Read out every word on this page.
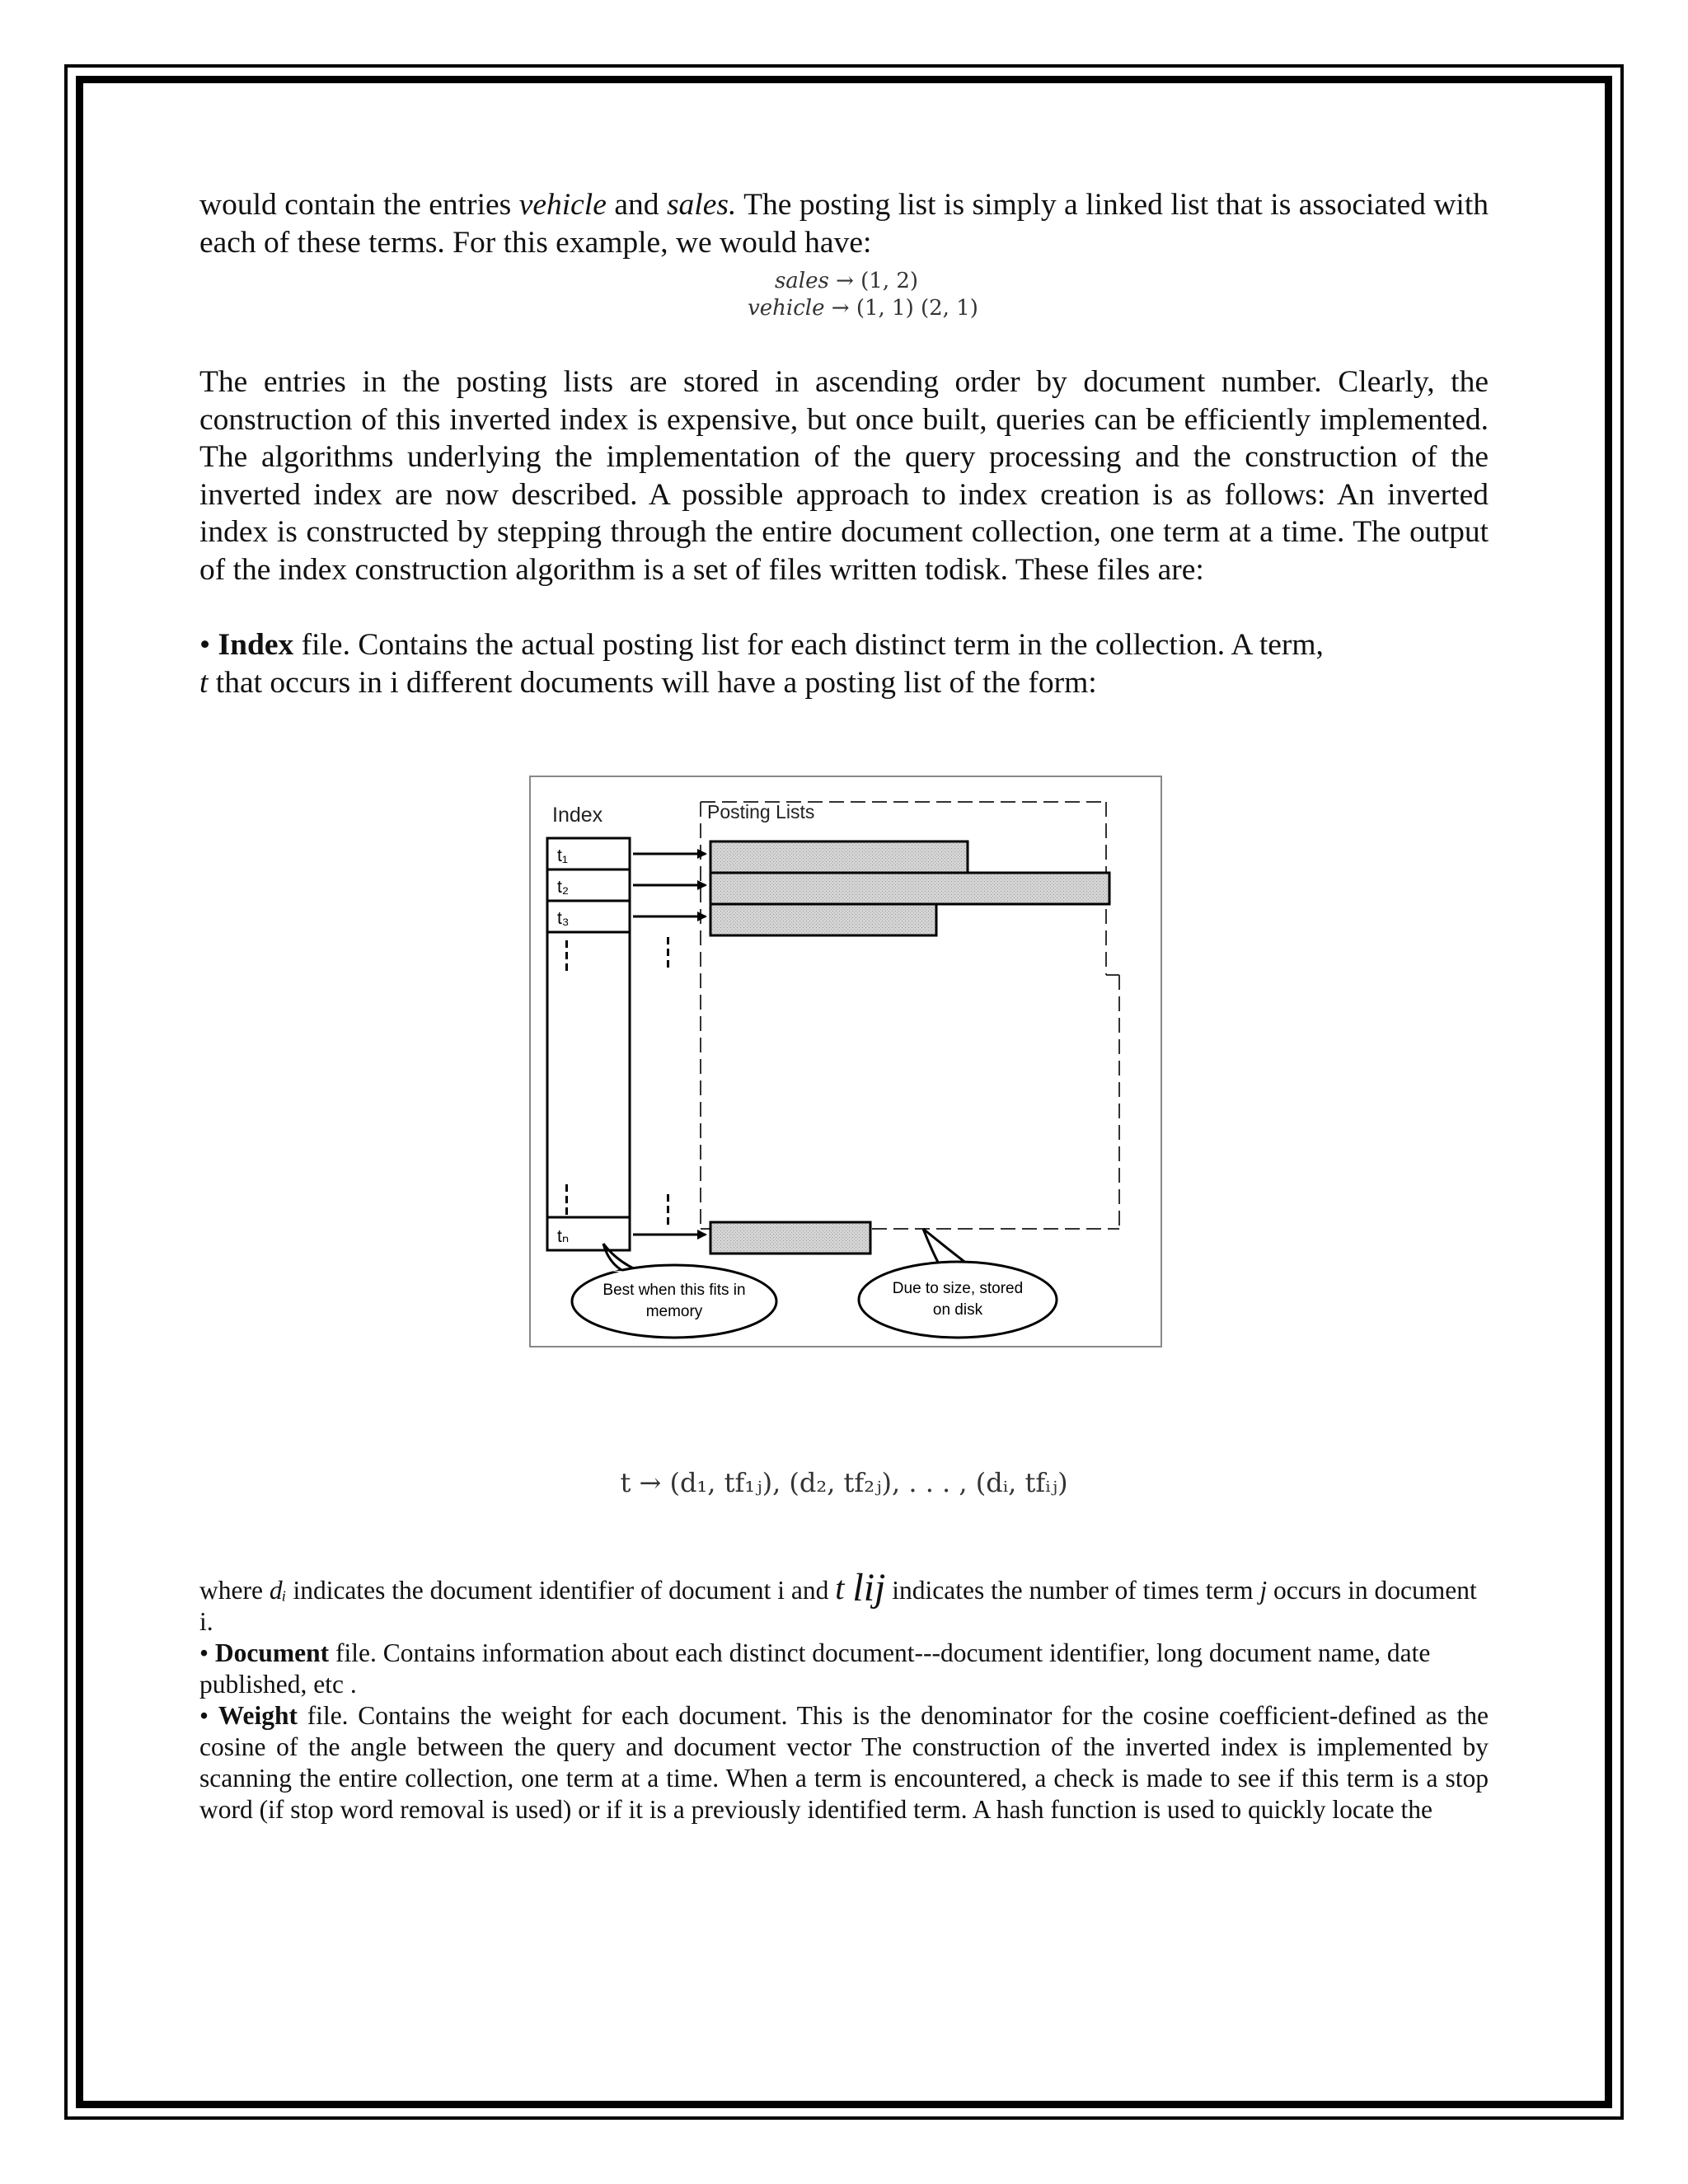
would contain the entries vehicle and sales. The posting list is simply a linked list that is associated with each of these terms. For this example, we would have:

sales → (1, 2)
vehicle → (1, 1) (2, 1)

The entries in the posting lists are stored in ascending order by document number. Clearly, the construction of this inverted index is expensive, but once built, queries can be efficiently implemented. The algorithms underlying the implementation of the query processing and the construction of the inverted index are now described. A possible approach to index creation is as follows: An inverted index is constructed by stepping through the entire document collection, one term at a time. The output of the index construction algorithm is a set of files written todisk. These files are:

• Index file. Contains the actual posting list for each distinct term in the collection. A term,
t that occurs in i different documents will have a posting list of the form:

Index	Posting Lists
t₁
t₂
t₃
tₙ
Best when this fits in
memory
Due to size, stored
on disk
t → (d₁, tf₁ⱼ), (d₂, tf₂ⱼ), . . . , (dᵢ, tfᵢⱼ)

where dᵢ indicates the document identifier of document i and t lij indicates the number of times term j occurs in document i.

• Document file. Contains information about each distinct document---document identifier, long document name, date published, etc .

• Weight file. Contains the weight for each document. This is the denominator for the cosine coefficient-defined as the cosine of the angle between the query and document vector The construction of the inverted index is implemented by scanning the entire collection, one term at a time. When a term is encountered, a check is made to see if this term is a stop word (if stop word removal is used) or if it is a previously identified term. A hash function is used to quickly locate the
